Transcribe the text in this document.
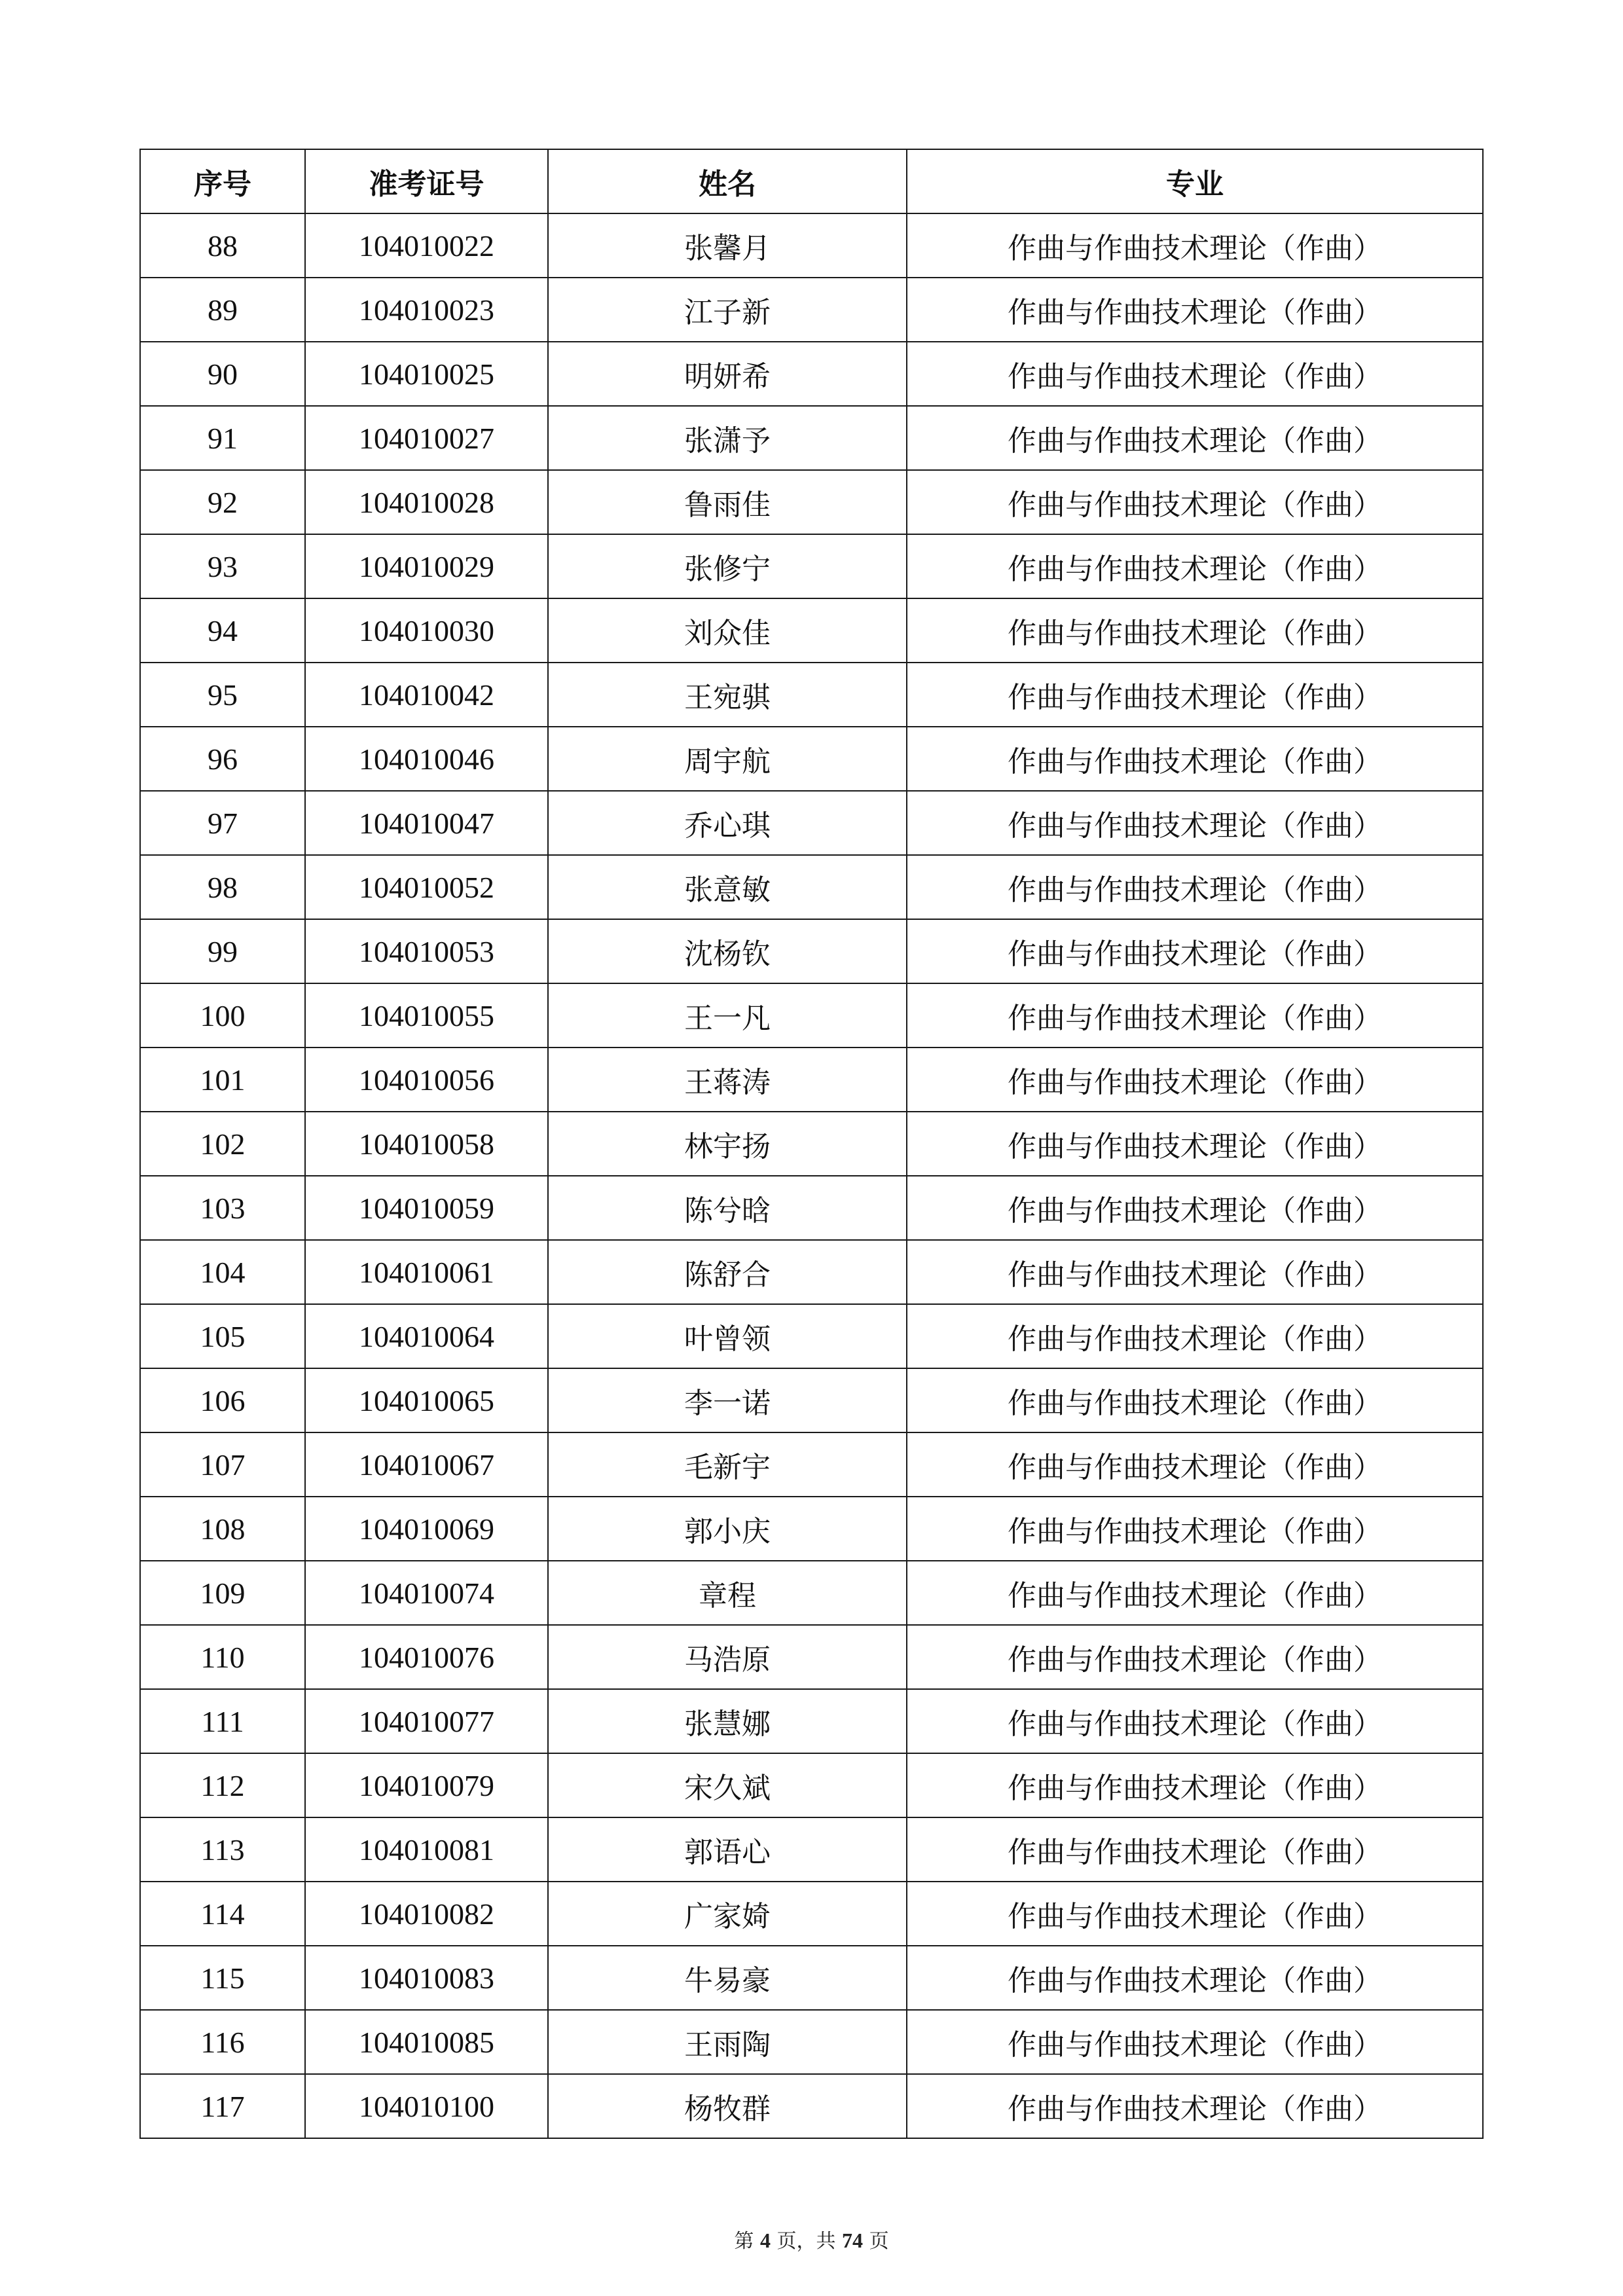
序号	准考证号	姓名	专业
88	104010022	张馨月	作曲与作曲技术理论（作曲）
89	104010023	江子新	作曲与作曲技术理论（作曲）
90	104010025	明妍希	作曲与作曲技术理论（作曲）
91	104010027	张潇予	作曲与作曲技术理论（作曲）
92	104010028	鲁雨佳	作曲与作曲技术理论（作曲）
93	104010029	张修宁	作曲与作曲技术理论（作曲）
94	104010030	刘众佳	作曲与作曲技术理论（作曲）
95	104010042	王宛骐	作曲与作曲技术理论（作曲）
96	104010046	周宇航	作曲与作曲技术理论（作曲）
97	104010047	乔心琪	作曲与作曲技术理论（作曲）
98	104010052	张意敏	作曲与作曲技术理论（作曲）
99	104010053	沈杨钦	作曲与作曲技术理论（作曲）
100	104010055	王一凡	作曲与作曲技术理论（作曲）
101	104010056	王蒋涛	作曲与作曲技术理论（作曲）
102	104010058	林宇扬	作曲与作曲技术理论（作曲）
103	104010059	陈兮晗	作曲与作曲技术理论（作曲）
104	104010061	陈舒合	作曲与作曲技术理论（作曲）
105	104010064	叶曾领	作曲与作曲技术理论（作曲）
106	104010065	李一诺	作曲与作曲技术理论（作曲）
107	104010067	毛新宇	作曲与作曲技术理论（作曲）
108	104010069	郭小庆	作曲与作曲技术理论（作曲）
109	104010074	章程	作曲与作曲技术理论（作曲）
110	104010076	马浩原	作曲与作曲技术理论（作曲）
111	104010077	张慧娜	作曲与作曲技术理论（作曲）
112	104010079	宋久斌	作曲与作曲技术理论（作曲）
113	104010081	郭语心	作曲与作曲技术理论（作曲）
114	104010082	广家婍	作曲与作曲技术理论（作曲）
115	104010083	牛易豪	作曲与作曲技术理论（作曲）
116	104010085	王雨陶	作曲与作曲技术理论（作曲）
117	104010100	杨牧群	作曲与作曲技术理论（作曲）
第 4 页，共 74 页
